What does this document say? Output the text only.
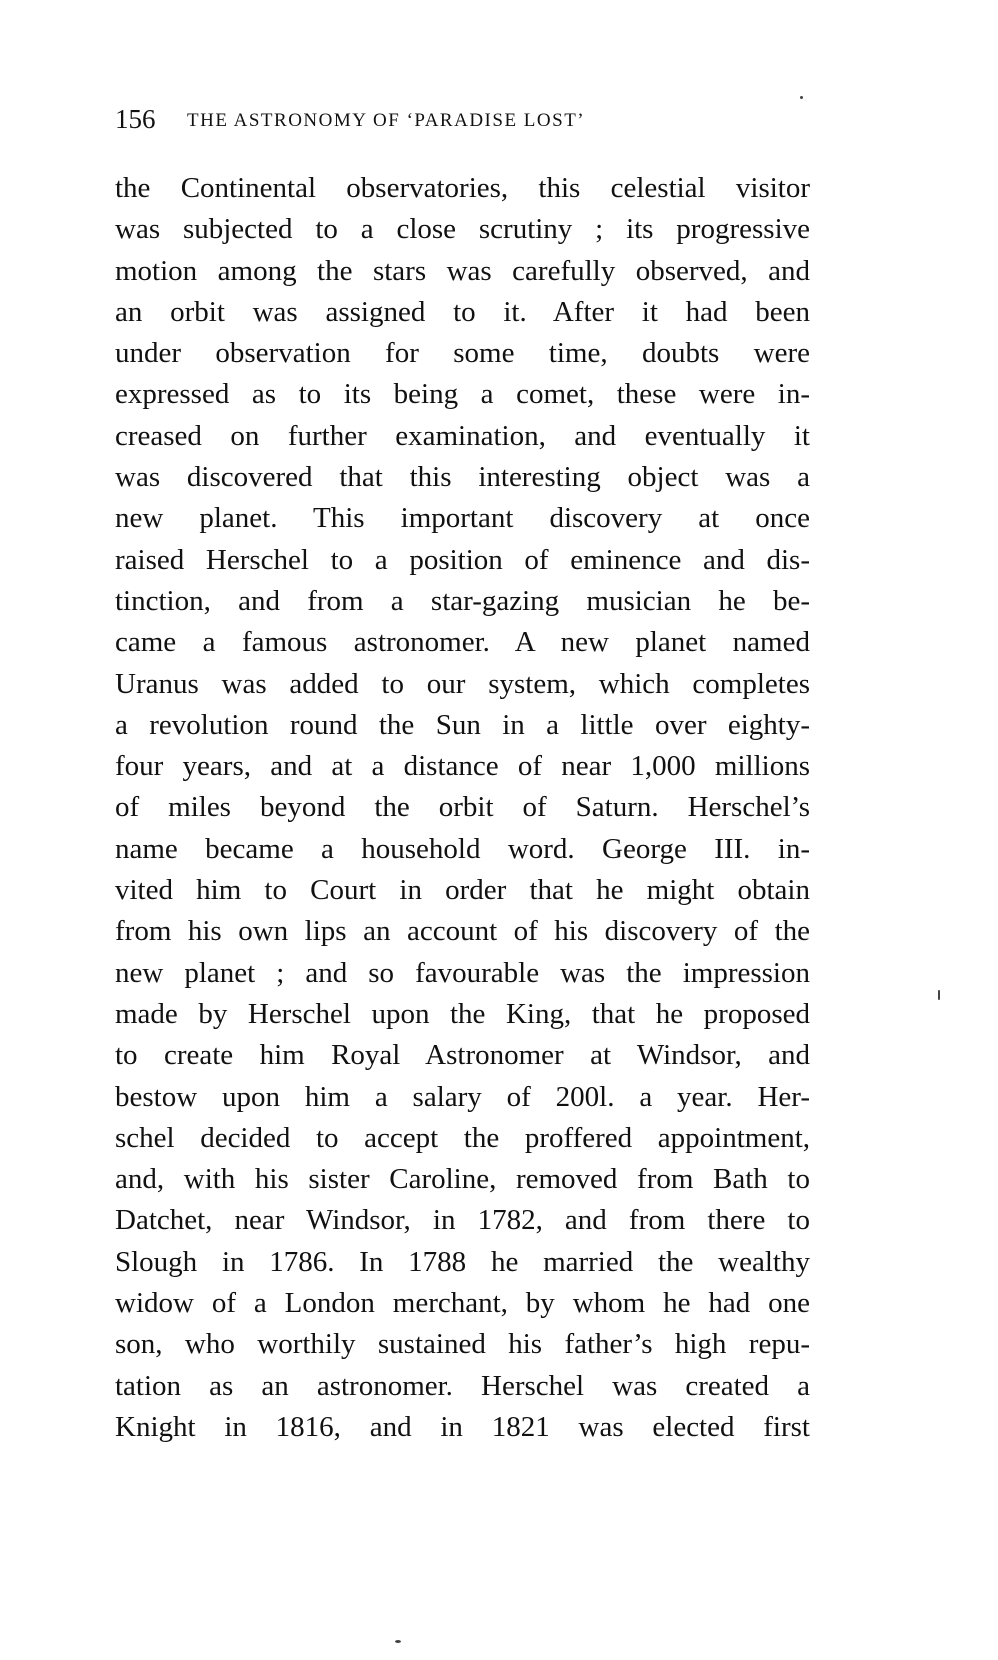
156 THE ASTRONOMY OF ‘PARADISE LOST’
the Continental observatories, this celestial visitor
was subjected to a close scrutiny ; its progressive
motion among the stars was carefully observed, and
an orbit was assigned to it. After it had been
under observation for some time, doubts were
expressed as to its being a comet, these were in-
creased on further examination, and eventually it
was discovered that this interesting object was a
new planet. This important discovery at once
raised Herschel to a position of eminence and dis-
tinction, and from a star-gazing musician he be-
came a famous astronomer. A new planet named
Uranus was added to our system, which completes
a revolution round the Sun in a little over eighty-
four years, and at a distance of near 1,000 millions
of miles beyond the orbit of Saturn. Herschel’s
name became a household word. George III. in-
vited him to Court in order that he might obtain
from his own lips an account of his discovery of the
new planet ; and so favourable was the impression
made by Herschel upon the King, that he proposed
to create him Royal Astronomer at Windsor, and
bestow upon him a salary of 200l. a year. Her-
schel decided to accept the proffered appointment,
and, with his sister Caroline, removed from Bath to
Datchet, near Windsor, in 1782, and from there to
Slough in 1786. In 1788 he married the wealthy
widow of a London merchant, by whom he had one
son, who worthily sustained his father’s high repu-
tation as an astronomer. Herschel was created a
Knight in 1816, and in 1821 was elected first
